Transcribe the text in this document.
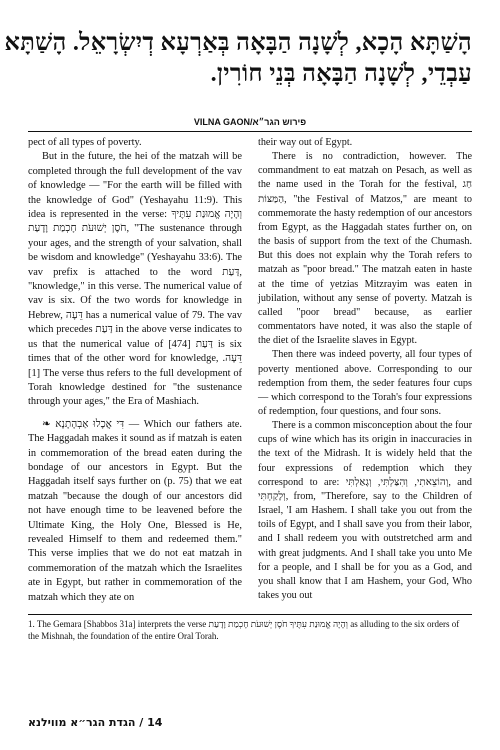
הָשַׁתָּא הָכָא, לְשָׁנָה הַבָּאָה בְּאַרְעָא דְיִשְׂרָאֵל. הָשַׁתָּא
עַבְדֵי, לְשָׁנָה הַבָּאָה בְּנֵי חוֹרִין.
VILNA GAON/פירוש הגר״א

pect of all types of poverty.

But in the future, the hei of the matzah will be completed through the full development of the vav of knowledge — "For the earth will be filled with the knowledge of God" (Yeshayahu 11:9). This idea is represented in the verse: וְהָיָה אֱמוּנַת עִתֶּיךָ חֹסֶן יְשׁוּעֹת חָכְמַת וָדָעַת, "The sustenance through your ages, and the strength of your salvation, shall be wisdom and knowledge" (Yeshayahu 33:6). The vav prefix is attached to the word דַּעַת, "knowledge," in this verse. The numerical value of vav is six. Of the two words for knowledge in Hebrew, דֵּעָה has a numerical value of 79. The vav which precedes דַּעַת in the above verse indicates to us that the numerical value of דַּעַת [474] is six times that of the other word for knowledge, דֵּעָה.[1] The verse thus refers to the full development of Torah knowledge destined for "the sustenance through your ages," the Era of Mashiach.

❧ דִּי אֲכָלוּ אַבְהָתָנָא — Which our fathers ate. The Haggadah makes it sound as if matzah is eaten in commemoration of the bread eaten during the bondage of our ancestors in Egypt. But the Haggadah itself says further on (p. 75) that we eat matzah "because the dough of our ancestors did not have enough time to be leavened before the Ultimate King, the Holy One, Blessed is He, revealed Himself to them and redeemed them." This verse implies that we do not eat matzah in commemoration of the matzah which the Israelites ate in Egypt, but rather in commemoration of the matzah which they ate on

their way out of Egypt.

There is no contradiction, however. The commandment to eat matzah on Pesach, as well as the name used in the Torah for the festival, חַג הַמַּצּוֹת, "the Festival of Matzos," are meant to commemorate the hasty redemption of our ancestors from Egypt, as the Haggadah states further on, on the basis of support from the text of the Chumash. But this does not explain why the Torah refers to matzah as "poor bread." The matzah eaten in haste at the time of yetzias Mitzrayim was eaten in jubilation, without any sense of poverty. Matzah is called "poor bread" because, as earlier commentators have noted, it was also the staple of the diet of the Israelite slaves in Egypt.

Then there was indeed poverty, all four types of poverty mentioned above. Corresponding to our redemption from them, the seder features four cups — which correspond to the Torah's four expressions of redemption, four questions, and four sons.

There is a common misconception about the four cups of wine which has its origin in inaccuracies in the text of the Midrash. It is widely held that the four expressions of redemption which they correspond to are: וְהוֹצֵאתִי, וְהִצַּלְתִּי, וְגָאַלְתִּי, and וְלָקַחְתִּי, from, "Therefore, say to the Children of Israel, 'I am Hashem. I shall take you out from the toils of Egypt, and I shall save you from their labor, and I shall redeem you with outstretched arm and with great judgments. And I shall take you unto Me for a people, and I shall be for you as a God, and you shall know that I am Hashem, your God, Who takes you out

1. The Gemara [Shabbos 31a] interprets the verse וְהָיָה אֱמוּנַת עִתֶּיךָ חֹסֶן יְשׁוּעֹת חָכְמַת וָדָעַת as alluding to the six orders of the Mishnah, the foundation of the entire Oral Torah.
14 / הגדת הגר״א מווילנא
